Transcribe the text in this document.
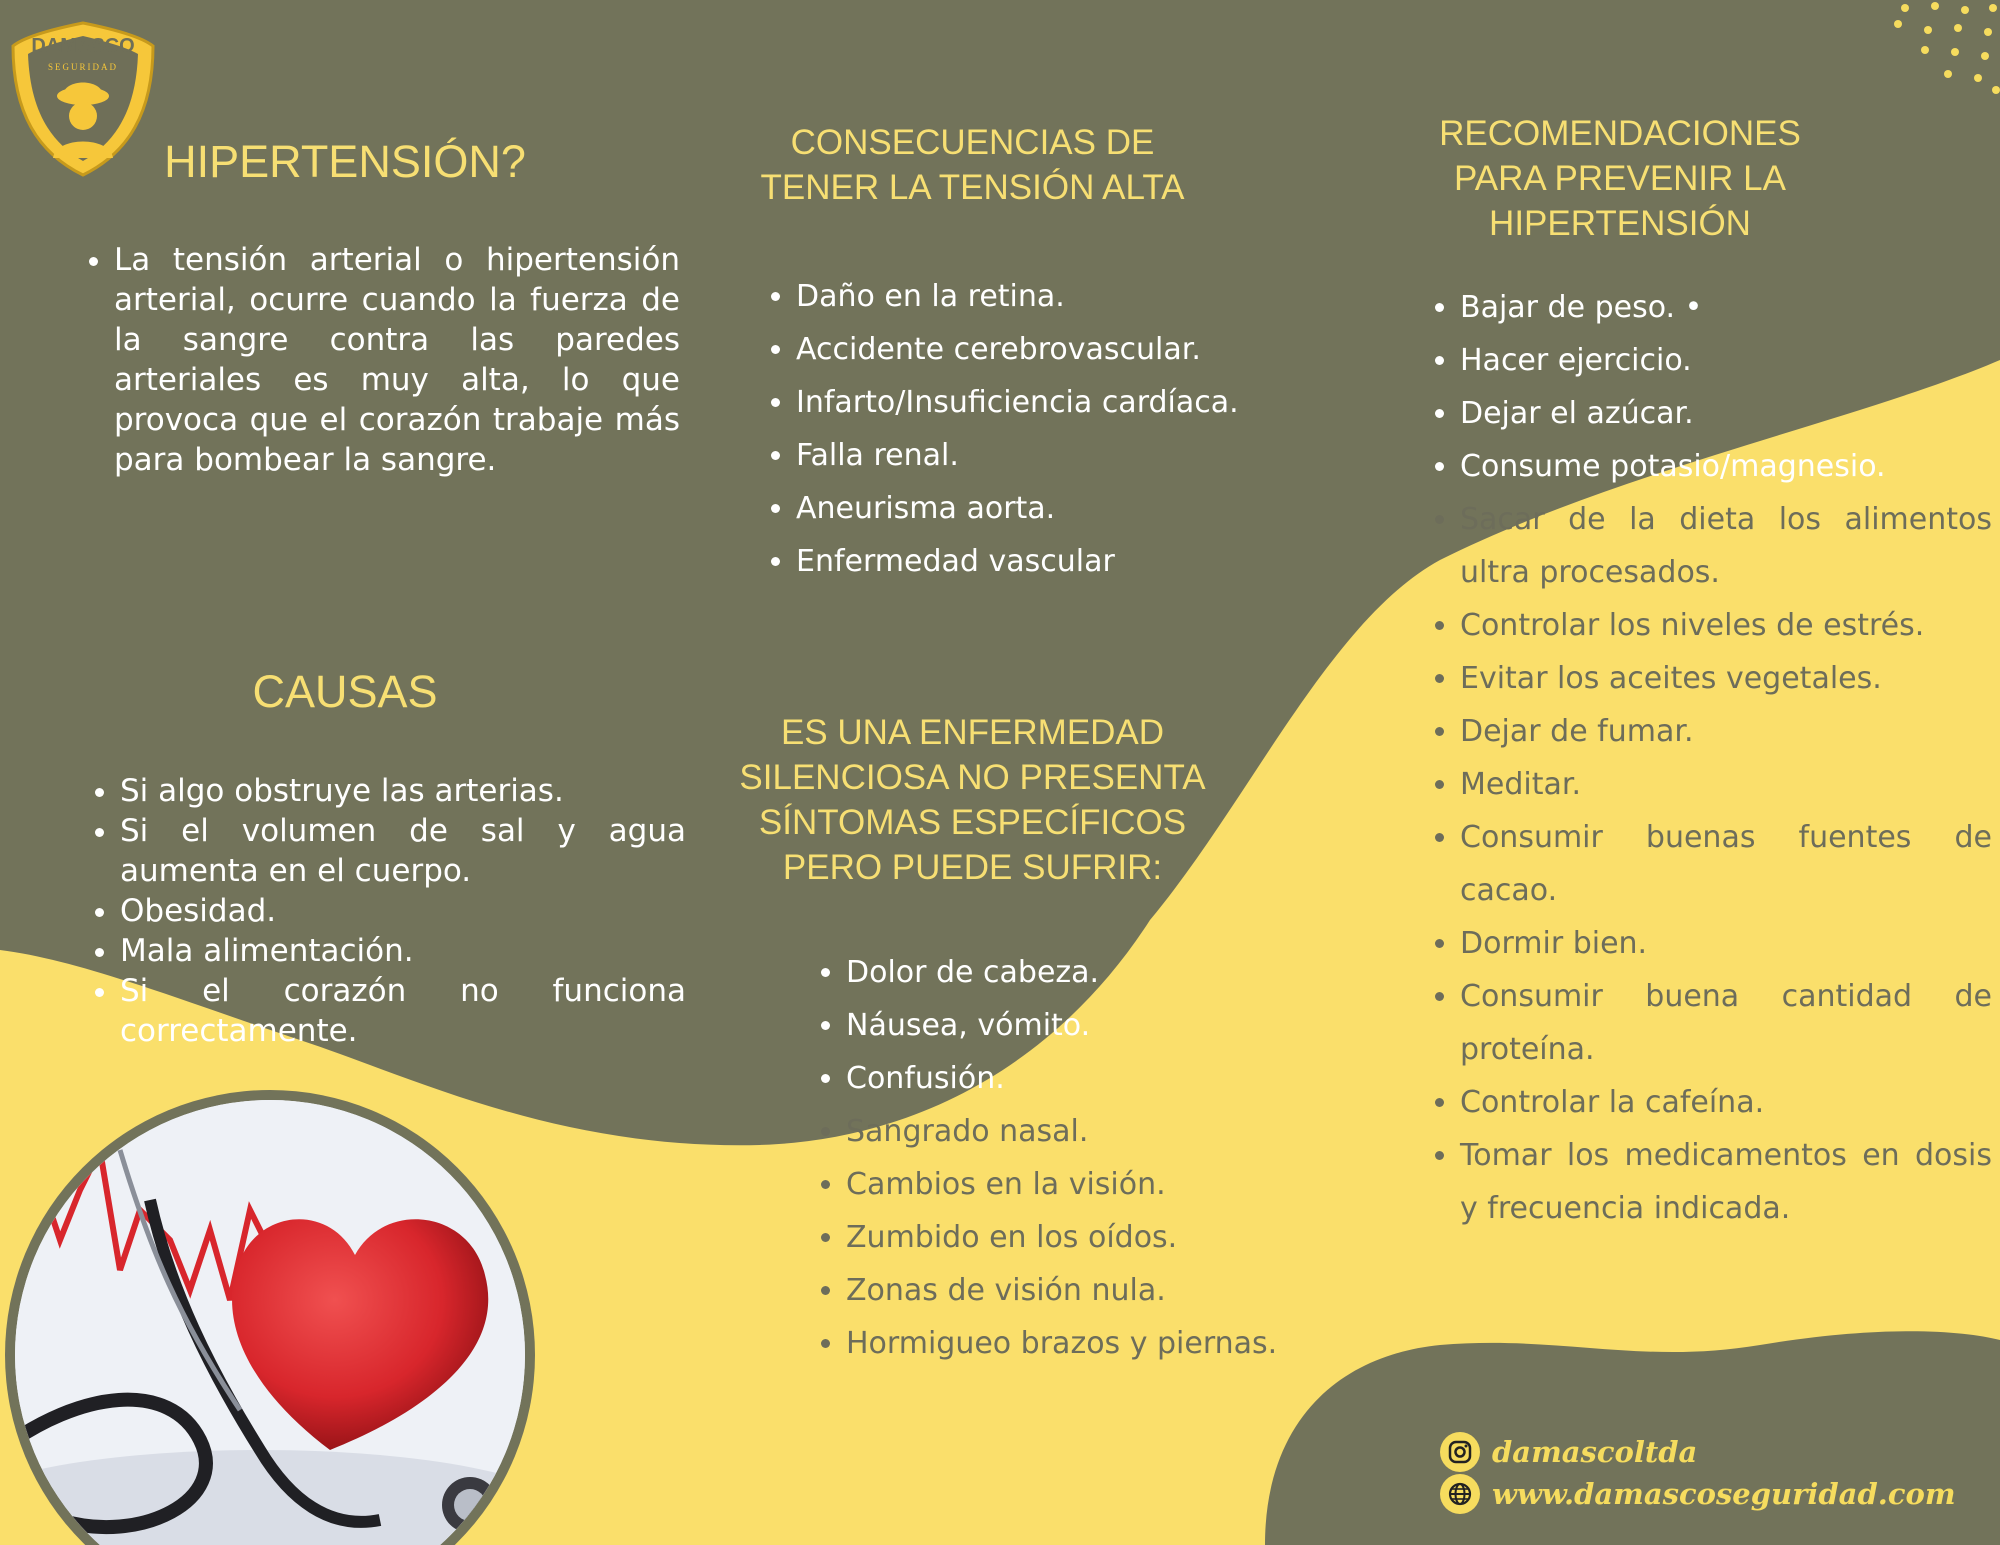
DAMASCO
SEGURIDAD
HIPERTENSIÓN?
• La tensión arterial o hipertensión arterial, ocurre cuando la fuerza de la sangre contra las paredes arteriales es muy alta, lo que provoca que el corazón trabaje más para bombear la sangre.
CAUSAS
• Si algo obstruye las arterias.
• Si el volumen de sal y agua aumenta en el cuerpo.
• Obesidad.
• Mala alimentación.
• Si el corazón no funciona correctamente.
CONSECUENCIAS DE TENER LA TENSIÓN ALTA
• Daño en la retina.
• Accidente cerebrovascular.
• Infarto/Insuficiencia cardíaca.
• Falla renal.
• Aneurisma aorta.
• Enfermedad vascular
ES UNA ENFERMEDAD SILENCIOSA NO PRESENTA SÍNTOMAS ESPECÍFICOS PERO PUEDE SUFRIR:
• Dolor de cabeza.
• Náusea, vómito.
• Confusión.
• Sangrado nasal.
• Cambios en la visión.
• Zumbido en los oídos.
• Zonas de visión nula.
• Hormigueo brazos y piernas.
RECOMENDACIONES PARA PREVENIR LA HIPERTENSIÓN
• Bajar de peso. •
• Hacer ejercicio.
• Dejar el azúcar.
• Consume potasio/magnesio.
• Sacar de la dieta los alimentos ultra procesados.
• Controlar los niveles de estrés.
• Evitar los aceites vegetales.
• Dejar de fumar.
• Meditar.
• Consumir buenas fuentes de cacao.
• Dormir bien.
• Consumir buena cantidad de proteína.
• Controlar la cafeína.
• Tomar los medicamentos en dosis y frecuencia indicada.
damascoltda
www.damascoseguridad.com
